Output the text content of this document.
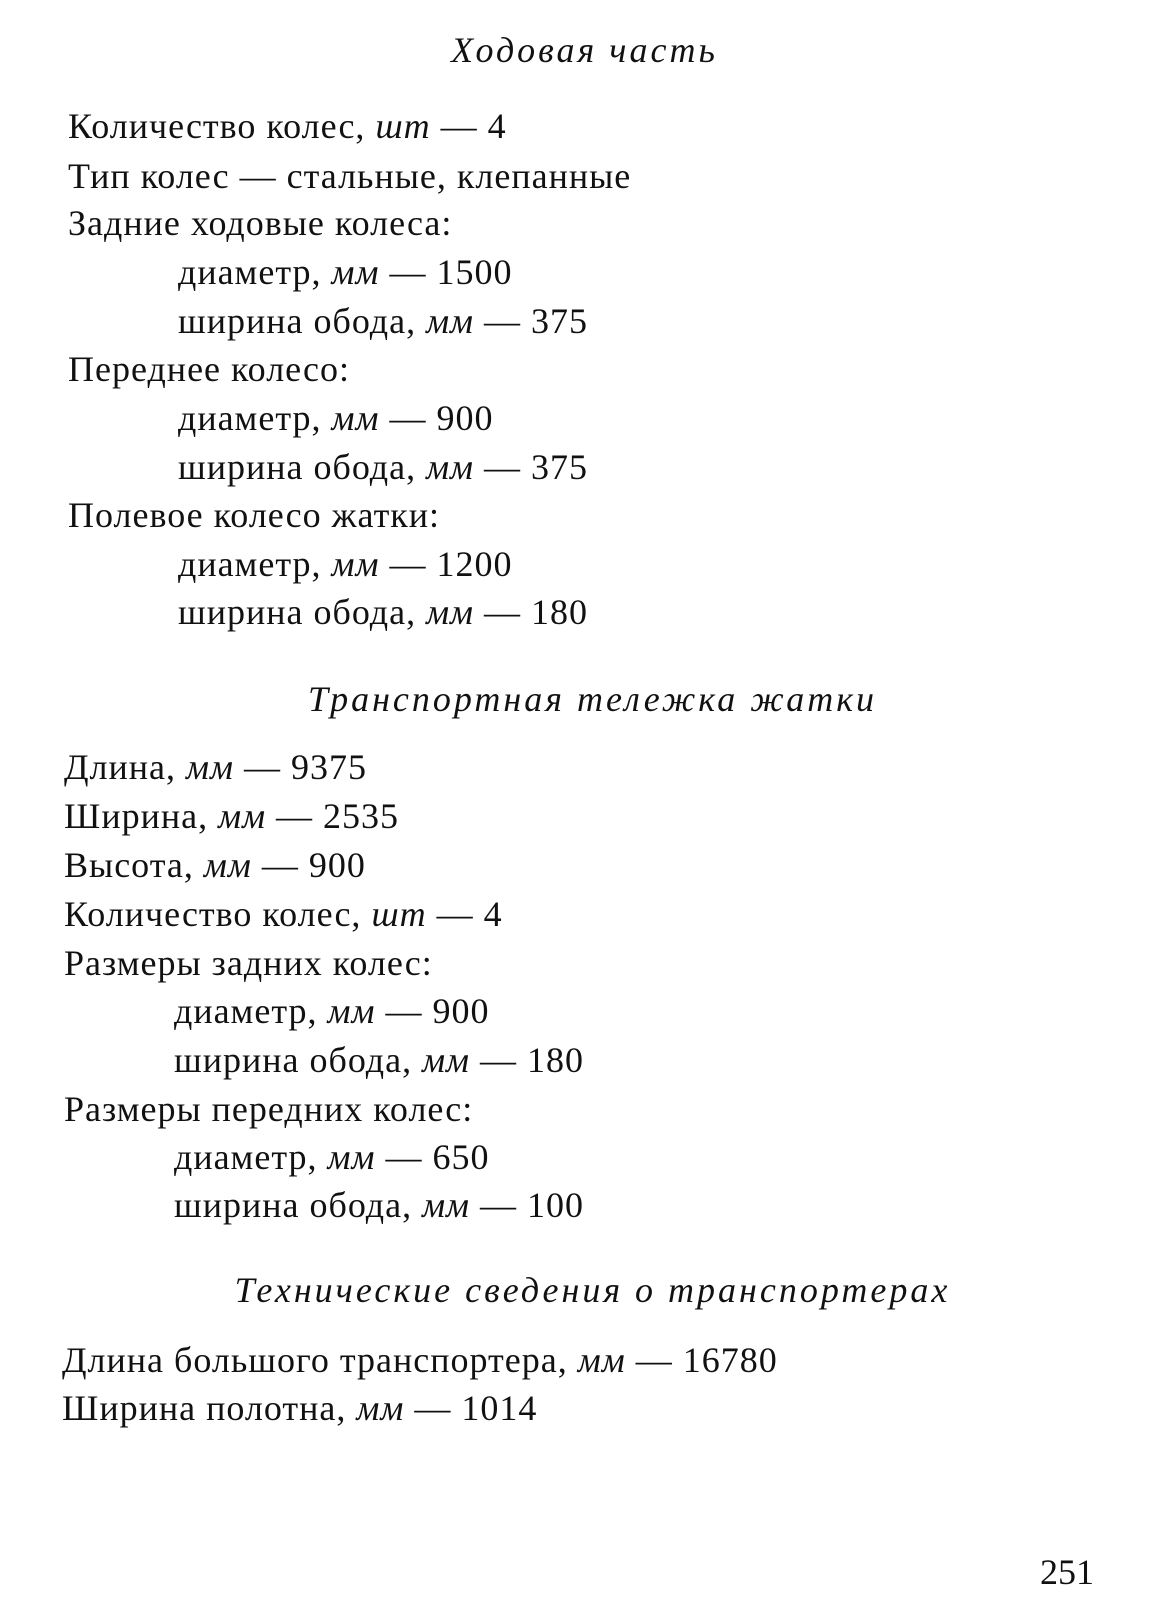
Ходовая часть
Количество колес, шт — 4
Тип колес — стальные, клепанные
Задние ходовые колеса:
диаметр, мм — 1500
ширина обода, мм — 375
Переднее колесо:
диаметр, мм — 900
ширина обода, мм — 375
Полевое колесо жатки:
диаметр, мм — 1200
ширина обода, мм — 180
Транспортная тележка жатки
Длина, мм — 9375
Ширина, мм — 2535
Высота, мм — 900
Количество колес, шт — 4
Размеры задних колес:
диаметр, мм — 900
ширина обода, мм — 180
Размеры передних колес:
диаметр, мм — 650
ширина обода, мм — 100
Технические сведения о транспортерах
Длина большого транспортера, мм — 16780
Ширина полотна, мм — 1014
251
